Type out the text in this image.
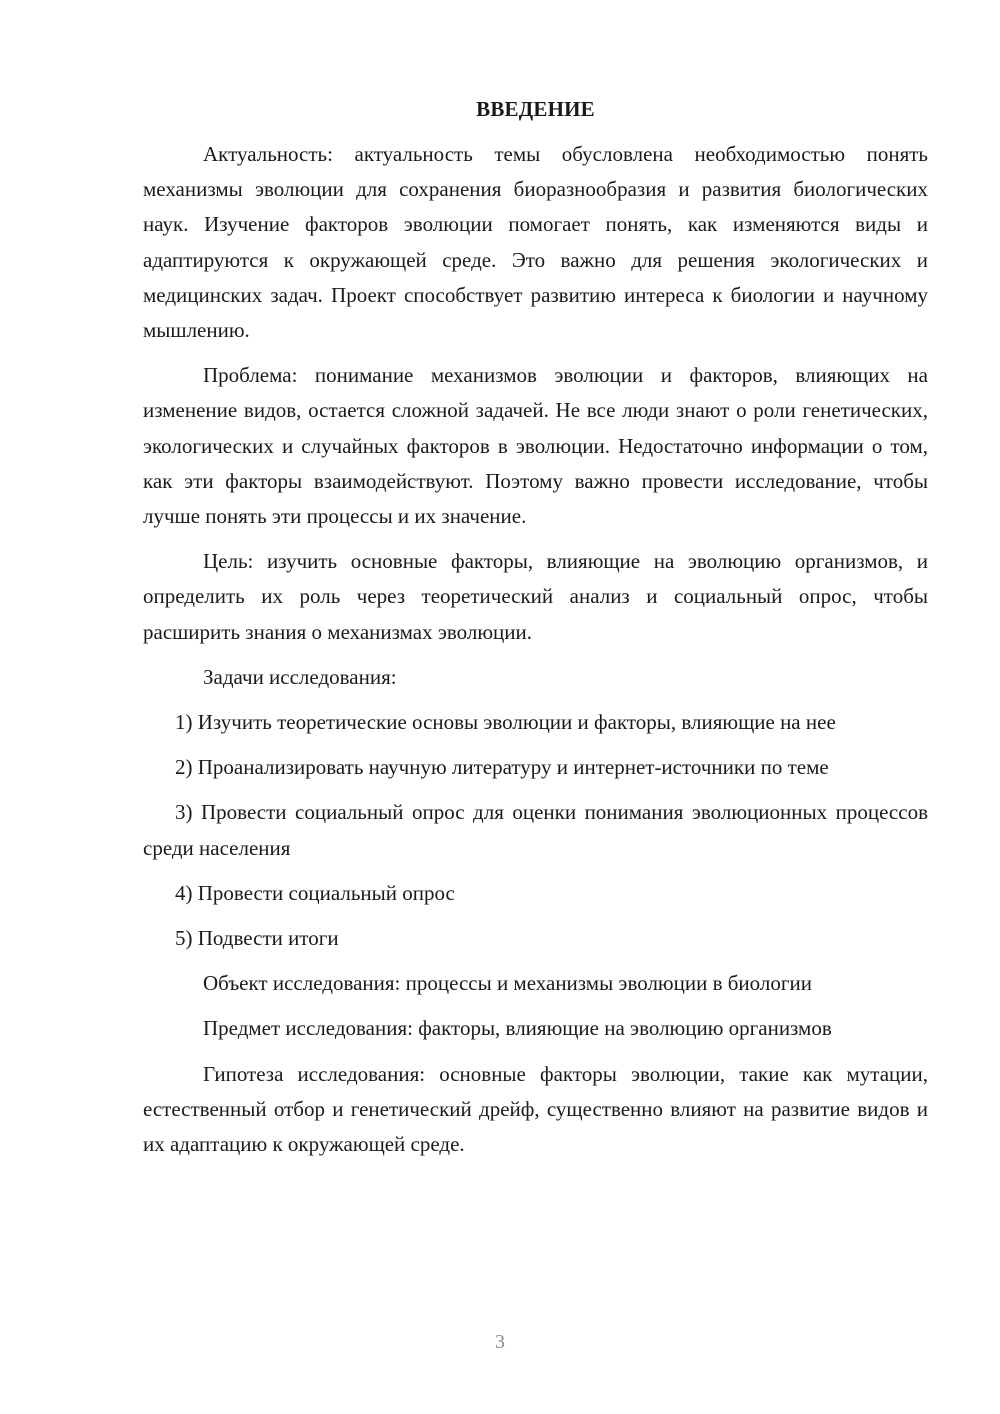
ВВЕДЕНИЕ

Актуальность: актуальность темы обусловлена необходимостью понять механизмы эволюции для сохранения биоразнообразия и развития биологических наук. Изучение факторов эволюции помогает понять, как изменяются виды и адаптируются к окружающей среде. Это важно для решения экологических и медицинских задач. Проект способствует развитию интереса к биологии и научному мышлению.

Проблема: понимание механизмов эволюции и факторов, влияющих на изменение видов, остается сложной задачей. Не все люди знают о роли генетических, экологических и случайных факторов в эволюции. Недостаточно информации о том, как эти факторы взаимодействуют. Поэтому важно провести исследование, чтобы лучше понять эти процессы и их значение.

Цель: изучить основные факторы, влияющие на эволюцию организмов, и определить их роль через теоретический анализ и социальный опрос, чтобы расширить знания о механизмах эволюции.

Задачи исследования:

1) Изучить теоретические основы эволюции и факторы, влияющие на нее

2) Проанализировать научную литературу и интернет-источники по теме

3) Провести социальный опрос для оценки понимания эволюционных процессов среди населения

4) Провести социальный опрос

5) Подвести итоги

Объект исследования: процессы и механизмы эволюции в биологии

Предмет исследования: факторы, влияющие на эволюцию организмов

Гипотеза исследования: основные факторы эволюции, такие как мутации, естественный отбор и генетический дрейф, существенно влияют на развитие видов и их адаптацию к окружающей среде.

3
